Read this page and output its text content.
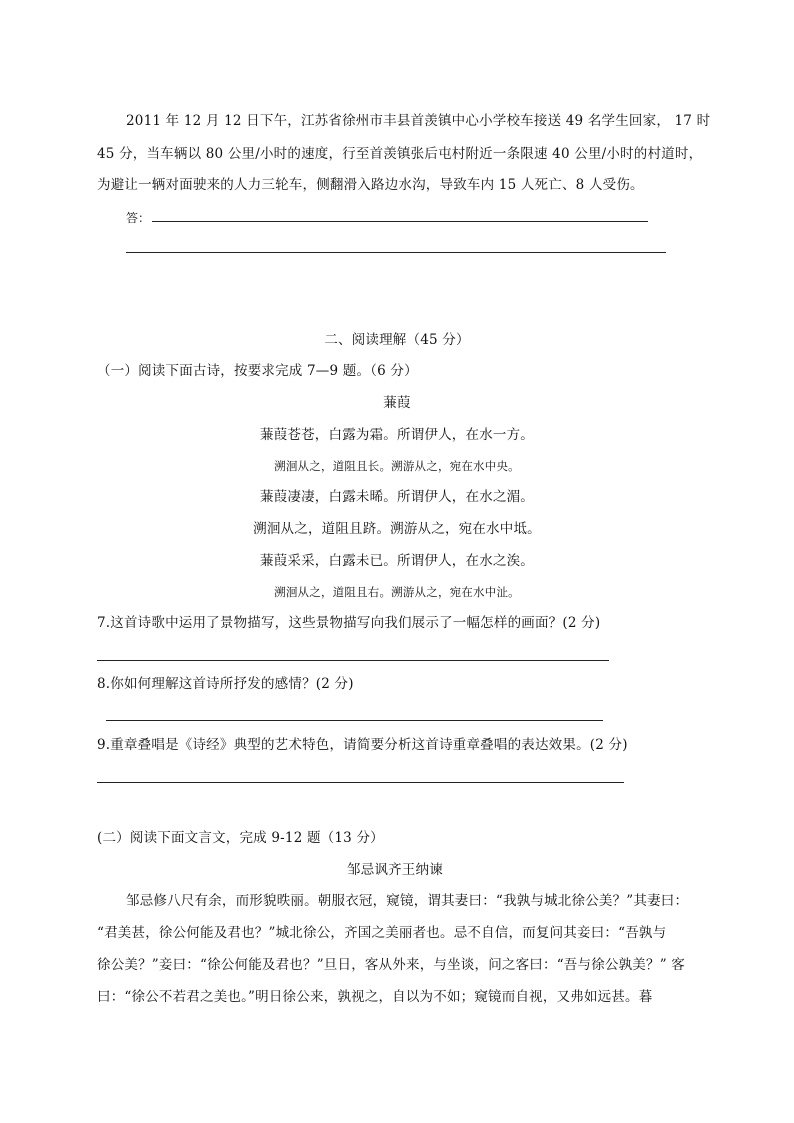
2011 年 12 月 12 日下午，江苏省徐州市丰县首羡镇中心小学校车接送 49 名学生回家， 17 时
45 分，当车辆以 80 公里/小时的速度，行至首羡镇张后屯村附近一条限速 40 公里/小时的村道时，
为避让一辆对面驶来的人力三轮车，侧翻滑入路边水沟，导致车内 15 人死亡、8 人受伤。
答：
二、阅读理解（45 分）
（一）阅读下面古诗，按要求完成 7—9 题。（6 分）
蒹葭
蒹葭苍苍，白露为霜。所谓伊人，在水一方。
溯洄从之，道阻且长。溯游从之，宛在水中央。
蒹葭凄凄，白露未晞。所谓伊人，在水之湄。
溯洄从之，道阻且跻。溯游从之，宛在水中坻。
蒹葭采采，白露未已。所谓伊人，在水之涘。
溯洄从之，道阻且右。溯游从之，宛在水中沚。
7.这首诗歌中运用了景物描写，这些景物描写向我们展示了一幅怎样的画面？(2 分)
8.你如何理解这首诗所抒发的感情？(2 分)
9.重章叠唱是《诗经》典型的艺术特色，请简要分析这首诗重章叠唱的表达效果。(2 分)
(二）阅读下面文言文，完成 9-12 题（13 分）
邹忌讽齐王纳谏
邹忌修八尺有余，而形貌昳丽。朝服衣冠，窥镜，谓其妻曰：“我孰与城北徐公美？”其妻曰：
“君美甚，徐公何能及君也？”城北徐公，齐国之美丽者也。忌不自信，而复问其妾曰：“吾孰与
徐公美？”妾曰：“徐公何能及君也？”旦日，客从外来，与坐谈，问之客曰：“吾与徐公孰美？” 客
曰：“徐公不若君之美也。”明日徐公来，孰视之，自以为不如；窥镜而自视，又弗如远甚。暮
